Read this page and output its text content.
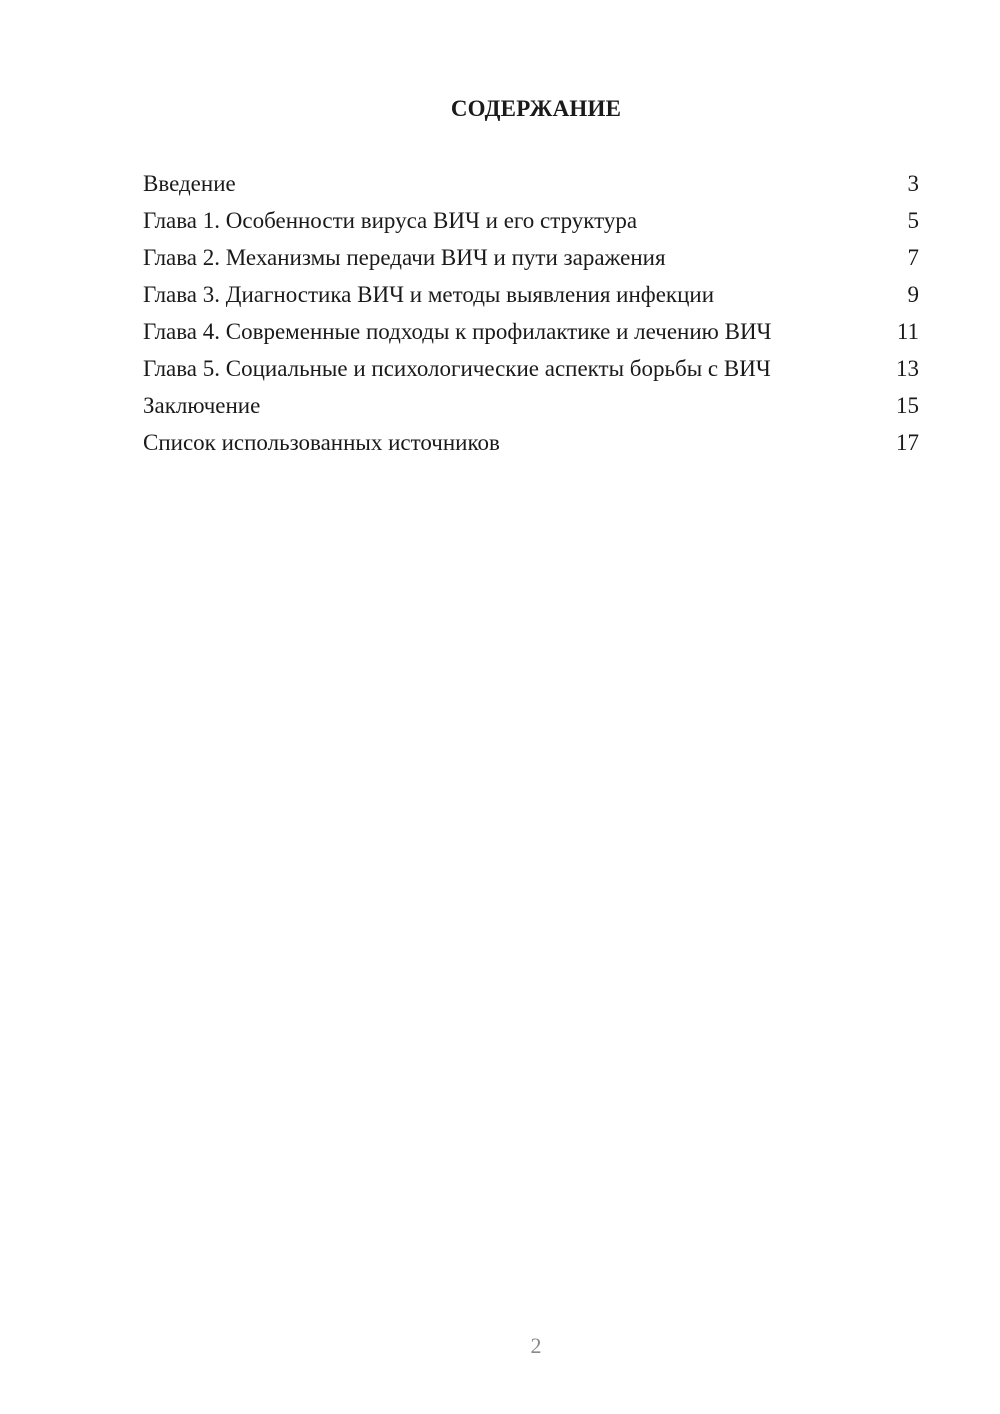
СОДЕРЖАНИЕ
Введение	3
Глава 1. Особенности вируса ВИЧ и его структура	5
Глава 2. Механизмы передачи ВИЧ и пути заражения	7
Глава 3. Диагностика ВИЧ и методы выявления инфекции	9
Глава 4. Современные подходы к профилактике и лечению ВИЧ	11
Глава 5. Социальные и психологические аспекты борьбы с ВИЧ	13
Заключение	15
Список использованных источников	17
2
